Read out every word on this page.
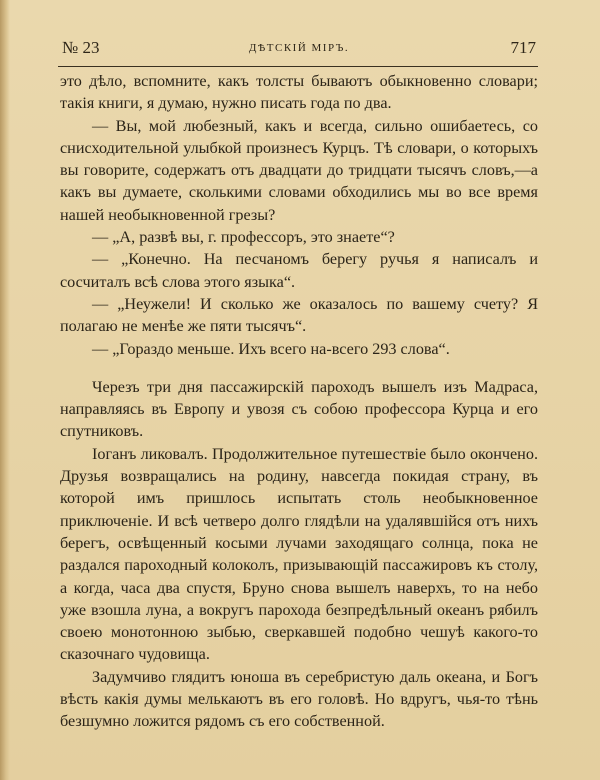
№ 23	ДѢТСКІЙ МІРЪ.	717

это дѣло, вспомните, какъ толсты бываютъ обыкновенно словари; такія книги, я думаю, нужно писать года по два.

— Вы, мой любезный, какъ и всегда, сильно ошибаетесь, со снисходительной улыбкой произнесъ Курцъ. Тѣ словари, о которыхъ вы говорите, содержатъ отъ двадцати до тридцати тысячъ словъ,—а какъ вы думаете, сколькими словами обходились мы во все время нашей необыкновенной грезы?

— „А, развѣ вы, г. профессоръ, это знаете“?

— „Конечно. На песчаномъ берегу ручья я написалъ и сосчиталъ всѣ слова этого языка“.

— „Неужели! И сколько же оказалось по вашему счету? Я полагаю не менѣе же пяти тысячъ“.

— „Гораздо меньше. Ихъ всего на-всего 293 слова“.

Черезъ три дня пассажирскій пароходъ вышелъ изъ Мадраса, направляясь въ Европу и увозя съ собою профессора Курца и его спутниковъ.

Іоганъ ликовалъ. Продолжительное путешествіе было окончено. Друзья возвращались на родину, навсегда покидая страну, въ которой имъ пришлось испытать столь необыкновенное приключеніе. И всѣ четверо долго глядѣли на удалявшійся отъ нихъ берегъ, освѣщенный косыми лучами заходящаго солнца, пока не раздался пароходный колоколъ, призывающій пассажировъ къ столу, а когда, часа два спустя, Бруно снова вышелъ наверхъ, то на небо уже взошла луна, а вокругъ парохода безпредѣльный океанъ рябилъ своею монотонною зыбью, сверкавшей подобно чешуѣ какого-то сказочнаго чудовища.

Задумчиво глядитъ юноша въ серебристую даль океана, и Богъ вѣсть какія думы мелькаютъ въ его головѣ. Но вдругъ, чья-то тѣнь безшумно ложится рядомъ съ его собственной.
